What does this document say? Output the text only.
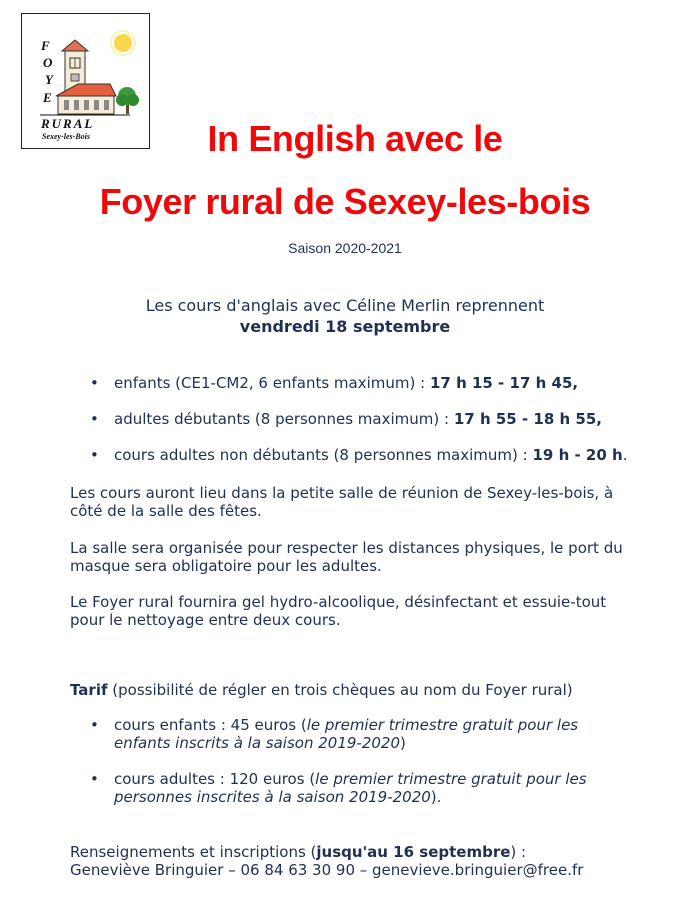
F
O
Y
E
RURAL
Sexey-les-Bois	In English avec le
Foyer rural de Sexey-les-bois
Saison 2020-2021
Les cours d'anglais avec Céline Merlin reprennent
vendredi 18 septembre
• enfants (CE1-CM2, 6 enfants maximum) : 17 h 15 - 17 h 45,
• adultes débutants (8 personnes maximum) : 17 h 55 - 18 h 55,
• cours adultes non débutants (8 personnes maximum) : 19 h - 20 h.
Les cours auront lieu dans la petite salle de réunion de Sexey-les-bois, à côté de la salle des fêtes.
La salle sera organisée pour respecter les distances physiques, le port du masque sera obligatoire pour les adultes.
Le Foyer rural fournira gel hydro-alcoolique, désinfectant et essuie-tout pour le nettoyage entre deux cours.
Tarif (possibilité de régler en trois chèques au nom du Foyer rural)
• cours enfants : 45 euros (le premier trimestre gratuit pour les
enfants inscrits à la saison 2019-2020)
• cours adultes : 120 euros (le premier trimestre gratuit pour les
personnes inscrites à la saison 2019-2020).
Renseignements et inscriptions (jusqu'au 16 septembre) :
Geneviève Bringuier – 06 84 63 30 90 – genevieve.bringuier@free.fr
